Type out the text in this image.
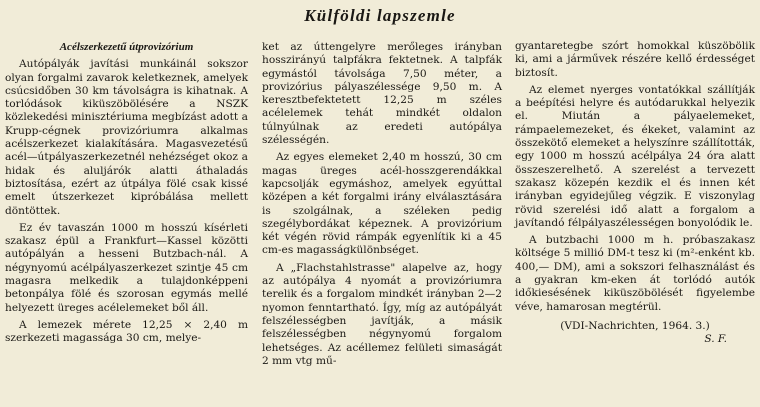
Külföldi lapszemle

Acélszerkezetű útprovizórium

Autópályák javítási munkáinál sokszor olyan forgalmi zavarok keletkeznek, amelyek csúcsidőben 30 km távolságra is kihatnak. A torlódások kiküszöbölésére a NSZK közlekedési minisztériuma megbízást adott a Krupp-cégnek provizóriumra alkalmas acélszerkezet kialakítására. Magasvezetésű acél—útpályaszerkezetnél nehézséget okoz a hidak és aluljárók alatti áthaladás biztosítása, ezért az útpálya fölé csak kissé emelt útszerkezet kipróbálása mellett döntöttek.

Ez év tavaszán 1000 m hosszú kísérleti szakasz épül a Frankfurt—Kassel közötti autópályán a hesseni Butzbach-nál. A négynyomú acélpályaszerkezet szintje 45 cm magasra melkedik a tulajdonképpeni betonpálya fölé és szorosan egymás mellé helyezett üreges acélelemeket ből áll.

A lemezek mérete 12,25 × 2,40 m szerkezeti magassága 30 cm, melye-

ket az úttengelyre merőleges irányban hosszirányú talpfákra fektetnek. A talpfák egymástól távolsága 7,50 méter, a provizórius pályaszélessége 9,50 m. A keresztbefektetett 12,25 m széles acélelemek tehát mindkét oldalon túlnyúlnak az eredeti autópálya szélességén.

Az egyes elemeket 2,40 m hosszú, 30 cm magas üreges acél-hosszgerendákkal kapcsolják egymáshoz, amelyek egyúttal középen a két forgalmi irány elválasztására is szolgálnak, a széleken pedig szegélybordákat képeznek. A provizórium két végén rövid rámpák egyenlítik ki a 45 cm-es magasságkülönbséget.

A „Flachstahlstrasse" alapelve az, hogy az autópálya 4 nyomát a provizóriumra terelik és a forgalom mindkét irányban 2—2 nyomon fenntartható. Így, míg az autópályát felszélességben javítják, a másik felszélességben négynyomú forgalom lehetséges. Az acéllemez felületi simaságát 2 mm vtg mű-

gyantaretegbe szórt homokkal küszöbölik ki, ami a járművek részére kellő érdességet biztosít.

Az elemet nyerges vontatókkal szállítják a beépítési helyre és autódarukkal helyezik el. Miután a pályaelemeket, rámpaelemezeket, és ékeket, valamint az összekötő elemeket a helyszínre szállították, egy 1000 m hosszú acélpálya 24 óra alatt összeszerelhető. A szerelést a tervezett szakasz közepén kezdik el és innen két irányban egyidejűleg végzik. E viszonylag rövid szerelési idő alatt a forgalom a javítandó félpályaszélességen bonyolódik le.

A butzbachi 1000 m h. próbaszakasz költsége 5 millió DM-t tesz ki (m²-enként kb. 400,— DM), ami a sokszori felhasználást és a gyakran km-eken át torlódó autók időkiesésének kiküszöbölését figyelembe véve, hamarosan megtérül.

(VDI-Nachrichten, 1964. 3.)

S. F.
